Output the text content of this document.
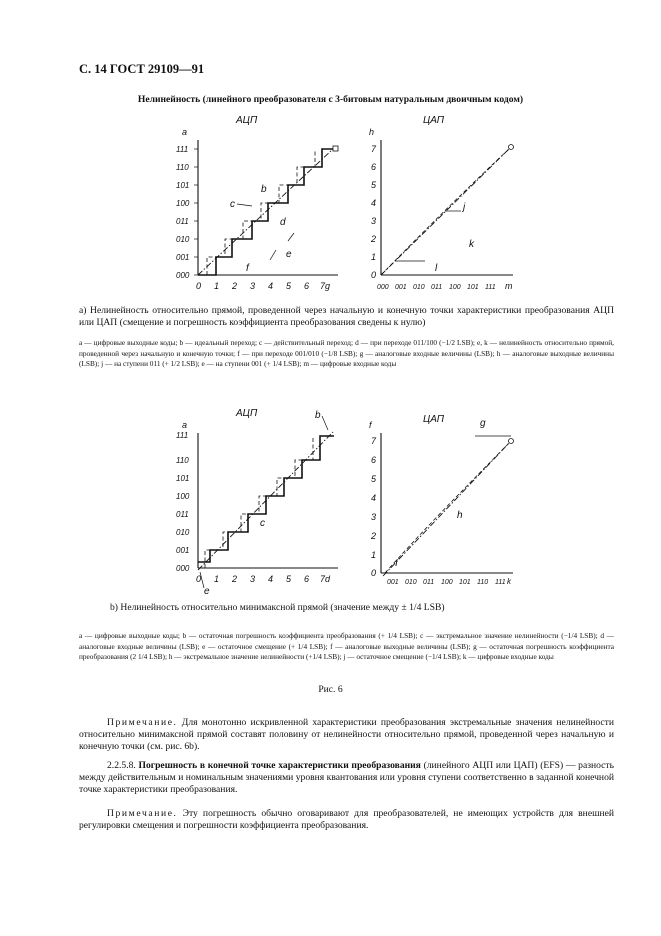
С. 14 ГОСТ 29109—91
Нелинейность (линейного преобразователя с 3-битовым натуральным двоичным кодом)
АЦП
a
000
001
010
011
100
101
110
111
0 1 2 3 4 5 6 7g
b
c
d
e
f
ЦАП
h
0
1
2
3
4
5
6
7
000 001 010 011 100 101 111 m
j
k
l
а) Нелинейность относительно прямой, проведенной через начальную и конечную точки характеристики преобразования АЦП или ЦАП (смещение и погрешность коэффициента преобразования сведены к нулю)
a — цифровые выходные коды; b — идеальный переход; c — действительный переход; d — при переходе 011/100 (−1/2 LSB); e, k — нелинейность относительно прямой, проведенной через начальную и конечную точки; f — при переходе 001/010 (−1/8 LSB); g — аналоговые входные величины (LSB); h — аналоговые выходные величины (LSB); j — на ступени 011 (+ 1/2 LSB); e — на ступени 001 (+ 1/4 LSB); m — цифровые входные коды
АЦП
a
b
000
001
010
011
100
101
110
111
0 1 2 3 4 5 6 7d
c
e
ЦАП
f	g
0
1
2
3
4
5
6
7
001 010 011 100 101 110 111 k
h
I
b) Нелинейность относительно минимаксной прямой (значение между ± 1/4 LSB)
a — цифровые выходные коды; b — остаточная погрешность коэффициента преобразования (+ 1/4 LSB); c — экстремальное значение нелинейности (−1/4 LSB); d — аналоговые входные величины (LSB); e — остаточное смещение (+ 1/4 LSB); f — аналоговые выходные величины (LSB); g — остаточная погрешность коэффициента преобразования (2 1/4 LSB); h — экстремальное значение нелинейности (+1/4 LSB); j — остаточное смещение (−1/4 LSB); k — цифровые входные коды
Рис. 6
Примечание. Для монотонно искривленной характеристики преобразования экстремальные значения нелинейности относительно минимаксной прямой составят половину от нелинейности относительно прямой, проведенной через начальную и конечную точки (см. рис. 6b).
2.2.5.8. Погрешность в конечной точке характеристики преобразования (линейного АЦП или ЦАП) (EFS) — разность между действительным и номинальным значениями уровня квантования или уровня ступени соответственно в заданной конечной точке характеристики преобразования.
Примечание. Эту погрешность обычно оговаривают для преобразователей, не имеющих устройств для внешней регулировки смещения и погрешности коэффициента преобразования.
